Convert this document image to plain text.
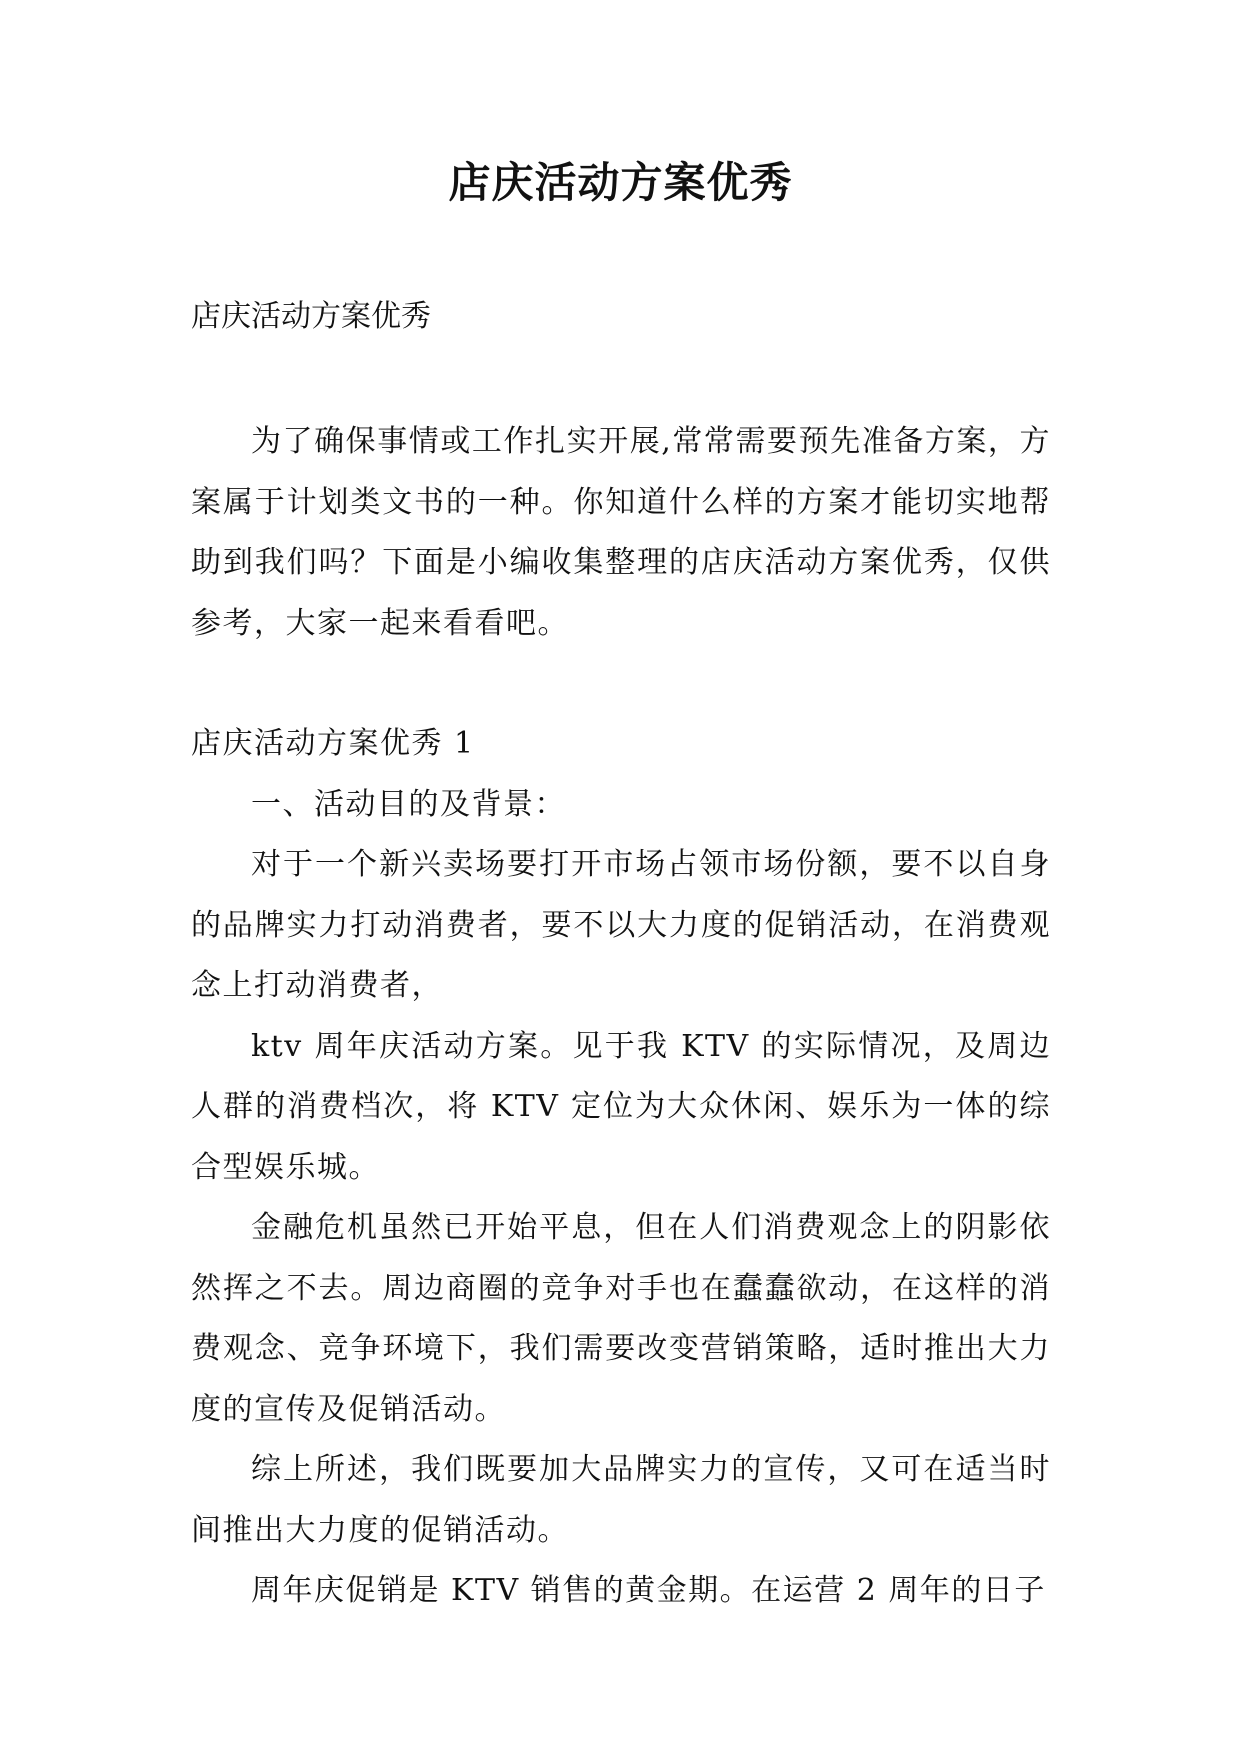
店庆活动方案优秀
店庆活动方案优秀

为了确保事情或工作扎实开展,常常需要预先准备方案，方案属于计划类文书的一种。你知道什么样的方案才能切实地帮助到我们吗？下面是小编收集整理的店庆活动方案优秀，仅供参考，大家一起来看看吧。

店庆活动方案优秀 1

一、活动目的及背景：

对于一个新兴卖场要打开市场占领市场份额，要不以自身的品牌实力打动消费者，要不以大力度的促销活动，在消费观念上打动消费者，

ktv 周年庆活动方案。见于我 KTV 的实际情况，及周边人群的消费档次，将 KTV 定位为大众休闲、娱乐为一体的综合型娱乐城。

金融危机虽然已开始平息，但在人们消费观念上的阴影依然挥之不去。周边商圈的竞争对手也在蠢蠢欲动，在这样的消费观念、竞争环境下，我们需要改变营销策略，适时推出大力度的宣传及促销活动。

综上所述，我们既要加大品牌实力的宣传，又可在适当时间推出大力度的促销活动。

周年庆促销是 KTV 销售的黄金期。在运营 2 周年的日子
